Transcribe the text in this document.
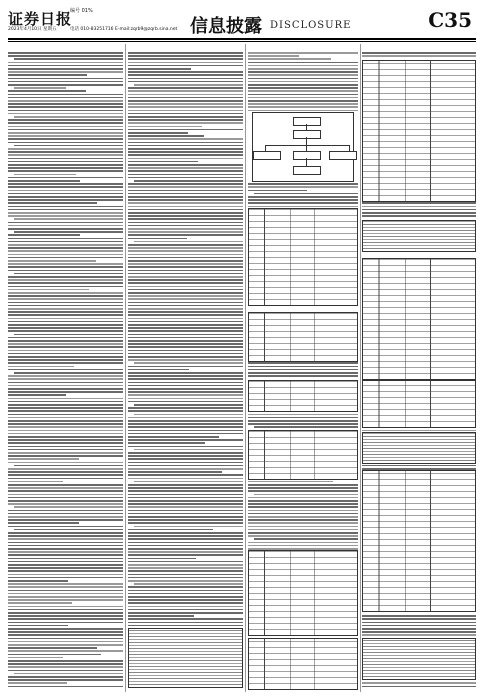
证券日报
编号 01%
2023年4月10日 星期五	电话 010-83251716 E-mail:zqrb9@zqrb.sina.net 信息披露 DISCLOSURE	C35
